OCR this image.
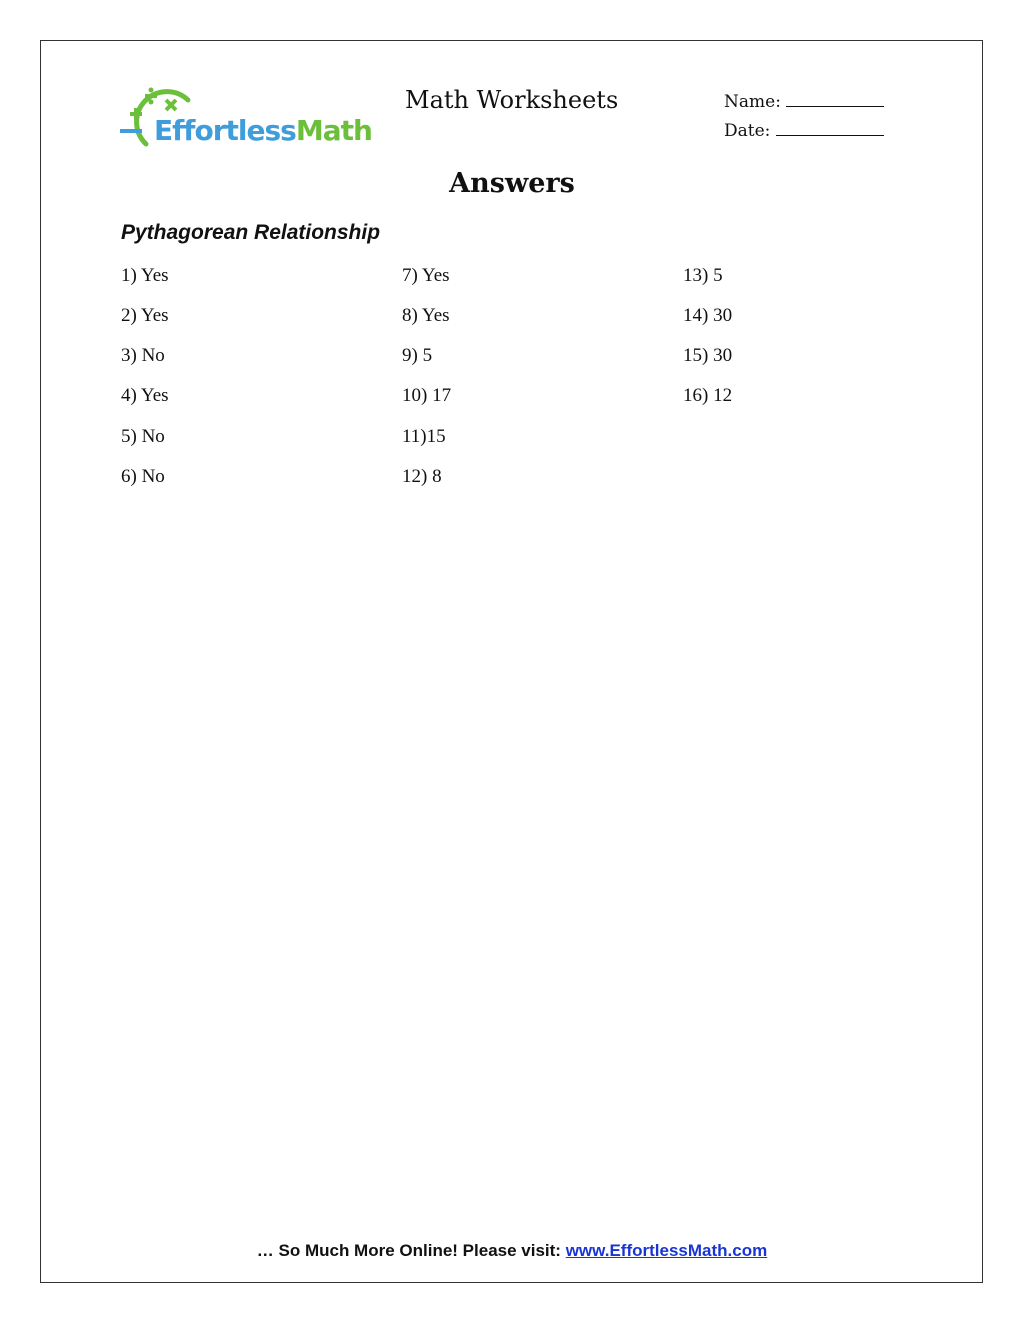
EffortlessMath
Math Worksheets	Name:
Date:
Answers
Pythagorean Relationship
1) Yes
2) Yes
3) No
4) Yes
5) No
6) No
7) Yes
8) Yes
9) 5
10) 17
11)15
12) 8
13) 5
14) 30
15) 30
16) 12
… So Much More Online! Please visit: www.EffortlessMath.com
